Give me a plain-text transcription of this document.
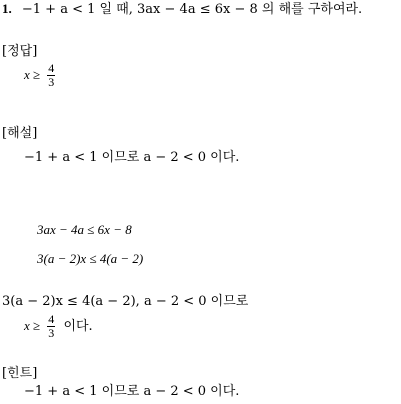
1. −1 + a < 1 일 때, 3ax − 4a ≤ 6x − 8 의 해를 구하여라.
[정답]
$x \ge \frac{4}{3}$
[해설]
−1 + a < 1 이므로 a − 2 < 0 이다.
3ax − 4a ≤ 6x − 8
3(a − 2)x ≤ 4(a − 2)
3(a − 2)x ≤ 4(a − 2), a − 2 < 0 이므로
$x \ge \frac{4}{3}$ 이다.
[힌트]
−1 + a < 1 이므로 a − 2 < 0 이다.
